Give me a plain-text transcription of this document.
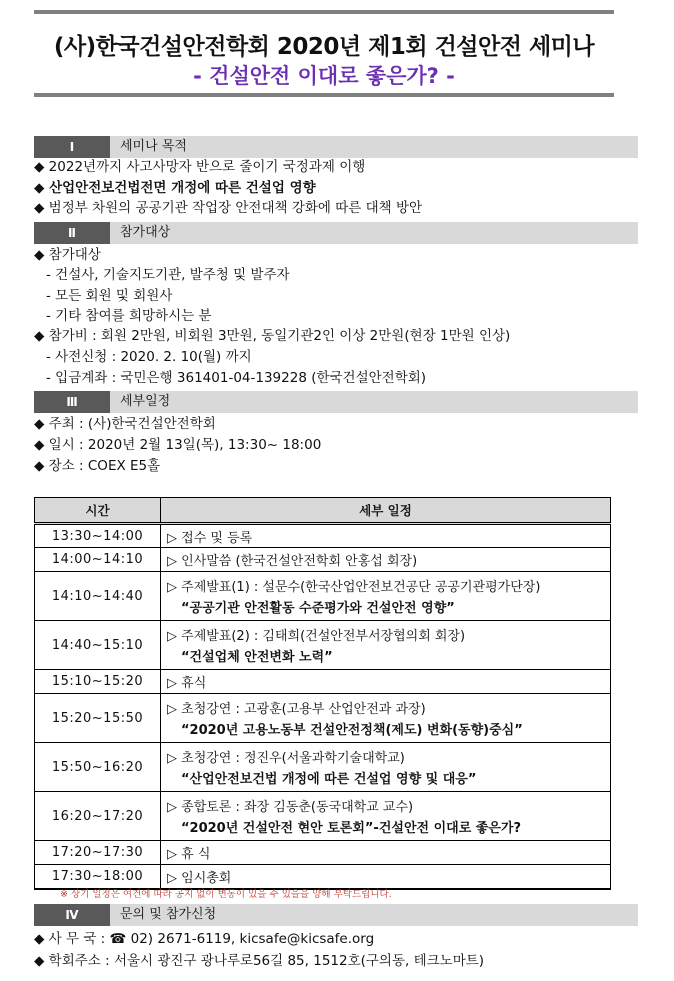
(사)한국건설안전학회 2020년 제1회 건설안전 세미나
- 건설안전 이대로 좋은가? -
Ⅰ	세미나 목적
◆ 2022년까지 사고사망자 반으로 줄이기 국정과제 이행
◆ 산업안전보건법전면 개정에 따른 건설업 영향
◆ 범정부 차원의 공공기관 작업장 안전대책 강화에 따른 대책 방안
Ⅱ	참가대상
◆ 참가대상
- 건설사, 기술지도기관, 발주청 및 발주자
- 모든 회원 및 회원사
- 기타 참여를 희망하시는 분
◆ 참가비 : 회원 2만원, 비회원 3만원, 동일기관2인 이상 2만원(현장 1만원 인상)
- 사전신청 : 2020. 2. 10(월) 까지
- 입금계좌 : 국민은행 361401-04-139228 (한국건설안전학회)
Ⅲ	세부일정
◆ 주최 : (사)한국건설안전학회
◆ 일시 : 2020년 2월 13일(목), 13:30~ 18:00
◆ 장소 : COEX E5홀
시간	세부 일정
13:30~14:00	▷ 접수 및 등록
14:00~14:10	▷ 인사말씀 (한국건설안전학회 안홍섭 회장)
14:10~14:40	▷ 주제발표(1) : 설문수(한국산업안전보건공단 공공기관평가단장)
“공공기관 안전활동 수준평가와 건설안전 영향”

14:40~15:10	▷ 주제발표(2) : 김태희(건설안전부서장협의회 회장)
“건설업체 안전변화 노력”

15:10~15:20	▷ 휴식
15:20~15:50	▷ 초청강연 : 고광훈(고용부 산업안전과 과장)
“2020년 고용노동부 건설안전정책(제도) 변화(동향)중심”

15:50~16:20	▷ 초청강연 : 정진우(서울과학기술대학교)
“산업안전보건법 개정에 따른 건설업 영향 및 대응”

16:20~17:20	▷ 종합토론 : 좌장 김동춘(동국대학교 교수)
“2020년 건설안전 현안 토론회”-건설안전 이대로 좋은가?

17:20~17:30	▷ 휴 식
17:30~18:00	▷ 임시총회
※ 상기 일정은 여건에 따라 공지 없이 변동이 있을 수 있을을 양해 부탁드립니다.
Ⅳ	문의 및 참가신청
◆ 사 무 국 : ☎ 02) 2671-6119, kicsafe@kicsafe.org
◆ 학회주소 : 서울시 광진구 광나루로56길 85, 1512호(구의동, 테크노마트)
